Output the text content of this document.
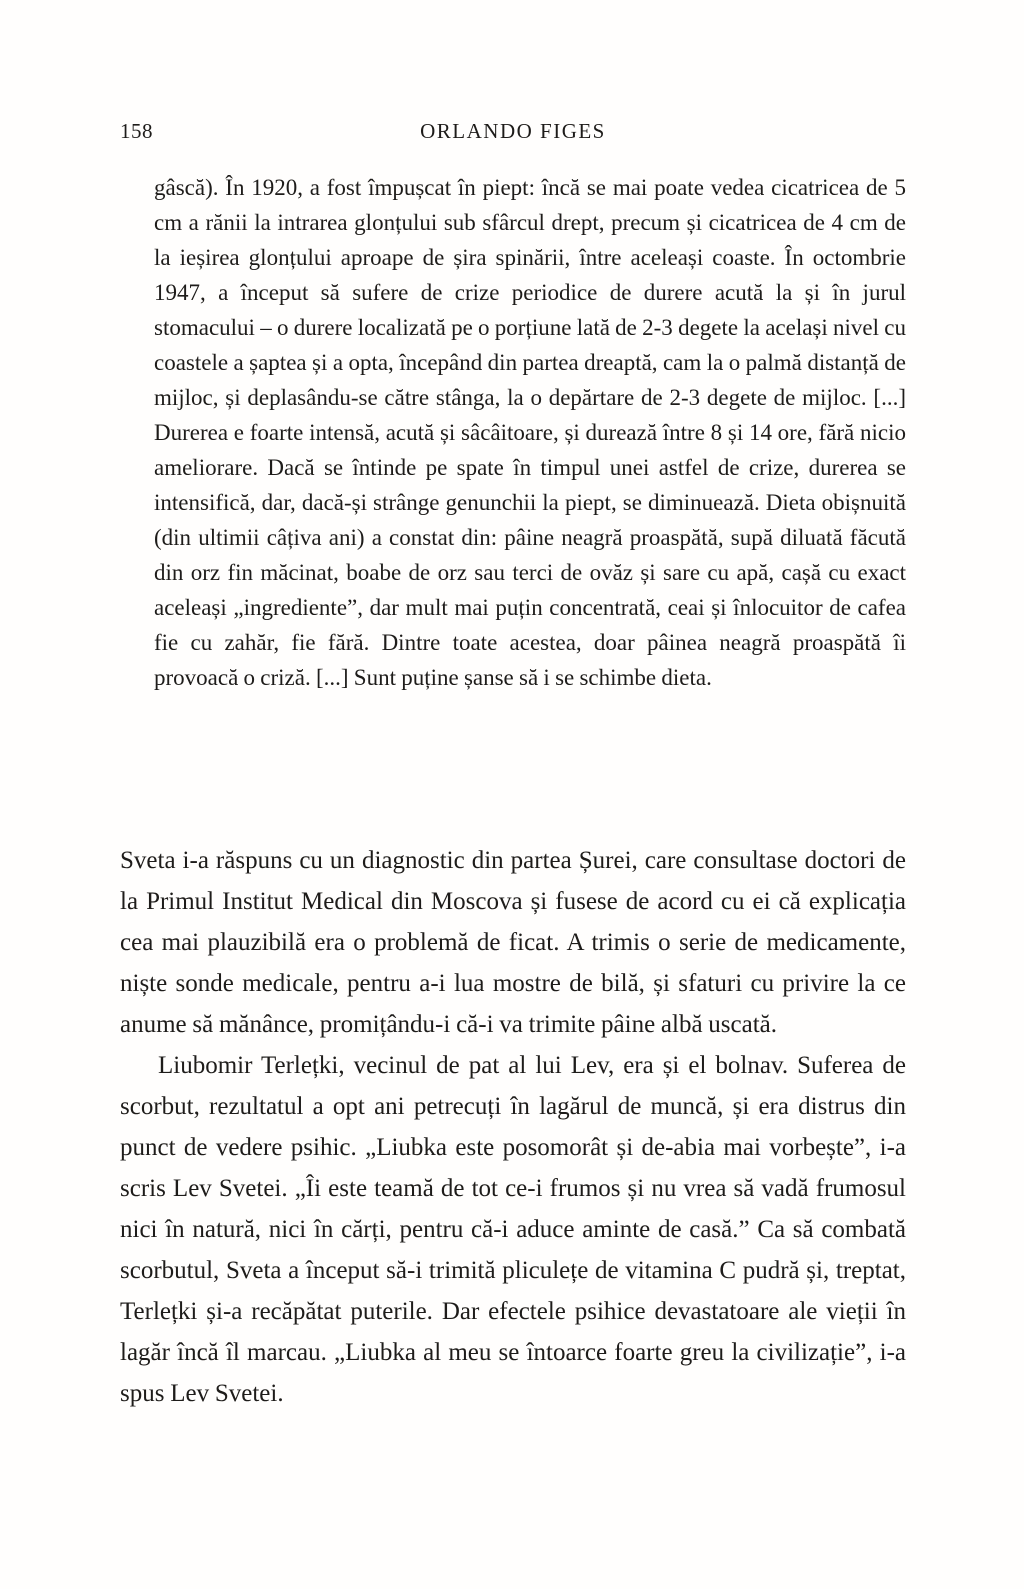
158	ORLANDO FIGES
gâscă). În 1920, a fost împușcat în piept: încă se mai poate vedea cicatricea de 5 cm a rănii la intrarea glonțului sub sfârcul drept, precum și cicatricea de 4 cm de la ieșirea glonțului aproape de șira spinării, între aceleași coaste. În octombrie 1947, a început să sufere de crize periodice de durere acută la și în jurul stomacului – o durere localizată pe o porțiune lată de 2-3 degete la același nivel cu coastele a șaptea și a opta, începând din partea dreaptă, cam la o palmă distanță de mijloc, și deplasându-se către stânga, la o depărtare de 2-3 degete de mijloc. [...] Durerea e foarte intensă, acută și sâcâitoare, și durează între 8 și 14 ore, fără nicio ameliorare. Dacă se întinde pe spate în timpul unei astfel de crize, durerea se intensifică, dar, dacă-și strânge genunchii la piept, se diminuează. Dieta obișnuită (din ultimii câțiva ani) a constat din: pâine neagră proaspătă, supă diluată făcută din orz fin măcinat, boabe de orz sau terci de ovăz și sare cu apă, cașă cu exact aceleași „ingrediente”, dar mult mai puțin concentrată, ceai și înlocuitor de cafea fie cu zahăr, fie fără. Dintre toate acestea, doar pâinea neagră proaspătă îi provoacă o criză. [...] Sunt puține șanse să i se schimbe dieta.

Sveta i-a răspuns cu un diagnostic din partea Șurei, care consultase doctori de la Primul Institut Medical din Moscova și fusese de acord cu ei că explicația cea mai plauzibilă era o problemă de ficat. A trimis o serie de medicamente, niște sonde medicale, pentru a-i lua mostre de bilă, și sfaturi cu privire la ce anume să mănânce, promițându-i că-i va trimite pâine albă uscată.

Liubomir Terlețki, vecinul de pat al lui Lev, era și el bolnav. Suferea de scorbut, rezultatul a opt ani petrecuți în lagărul de muncă, și era distrus din punct de vedere psihic. „Liubka este posomorât și de-abia mai vorbește”, i-a scris Lev Svetei. „Îi este teamă de tot ce-i frumos și nu vrea să vadă frumosul nici în natură, nici în cărți, pentru că-i aduce aminte de casă.” Ca să combată scorbutul, Sveta a început să-i trimită pliculețe de vitamina C pudră și, treptat, Terlețki și-a recăpătat puterile. Dar efectele psihice devastatoare ale vieții în lagăr încă îl marcau. „Liubka al meu se întoarce foarte greu la civilizație”, i-a spus Lev Svetei.
